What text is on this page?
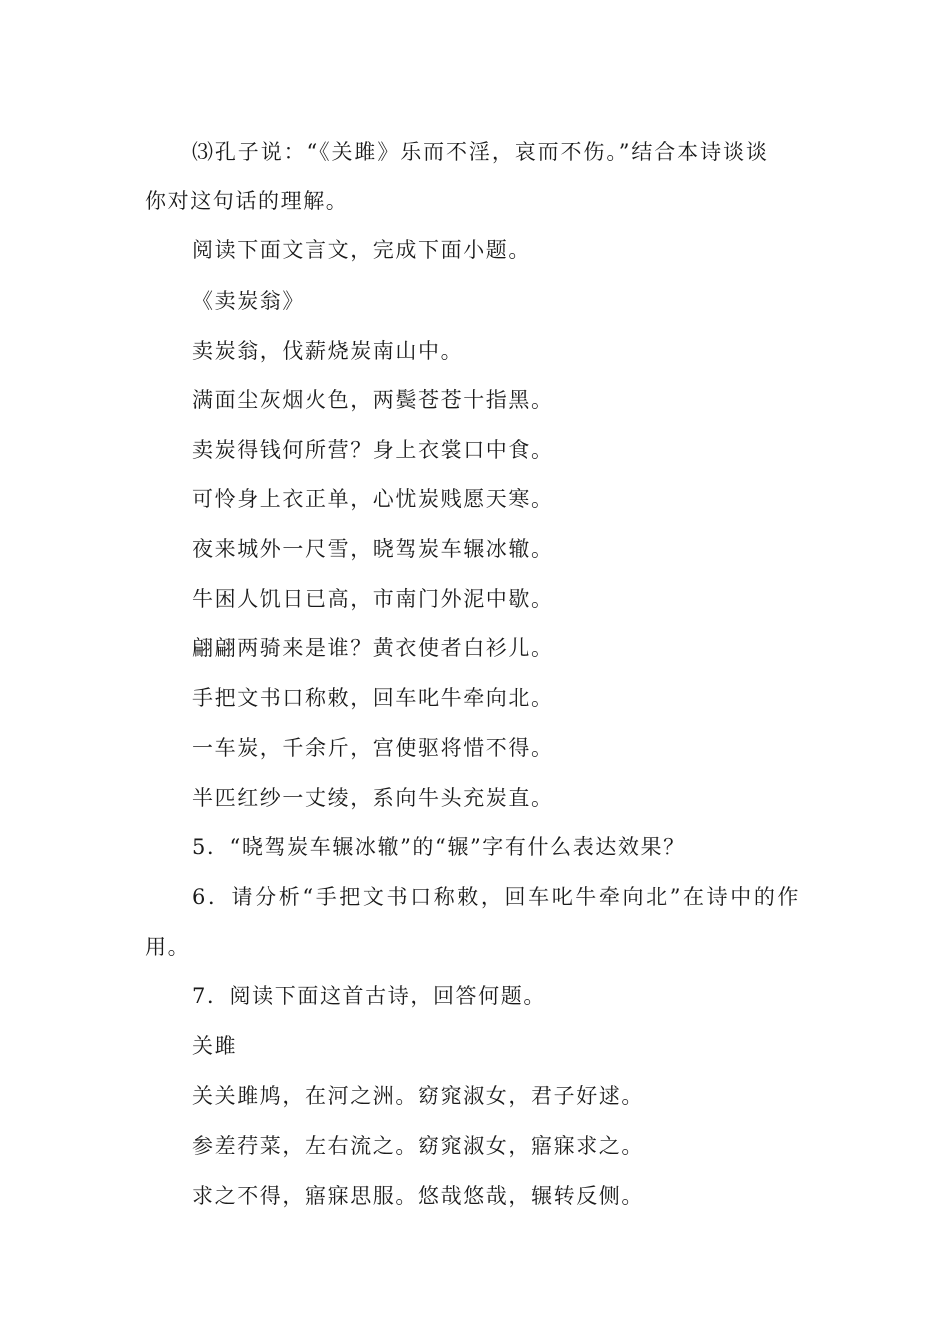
⑶孔子说：“《关雎》乐而不淫，哀而不伤。”结合本诗谈谈
你对这句话的理解。
阅读下面文言文，完成下面小题。
《卖炭翁》
卖炭翁，伐薪烧炭南山中。
满面尘灰烟火色，两鬓苍苍十指黑。
卖炭得钱何所营？身上衣裳口中食。
可怜身上衣正单，心忧炭贱愿天寒。
夜来城外一尺雪，晓驾炭车辗冰辙。
牛困人饥日已高，市南门外泥中歇。
翩翩两骑来是谁？黄衣使者白衫儿。
手把文书口称敕，回车叱牛牵向北。
一车炭，千余斤，宫使驱将惜不得。
半匹红纱一丈绫，系向牛头充炭直。
5．“晓驾炭车辗冰辙”的“辗”字有什么表达效果？
6．请分析“手把文书口称敕，回车叱牛牵向北”在诗中的作
用。
7．阅读下面这首古诗，回答何题。
关雎
关关雎鸠，在河之洲。窈窕淑女，君子好逑。
参差荇菜，左右流之。窈窕淑女，寤寐求之。
求之不得，寤寐思服。悠哉悠哉，辗转反侧。
